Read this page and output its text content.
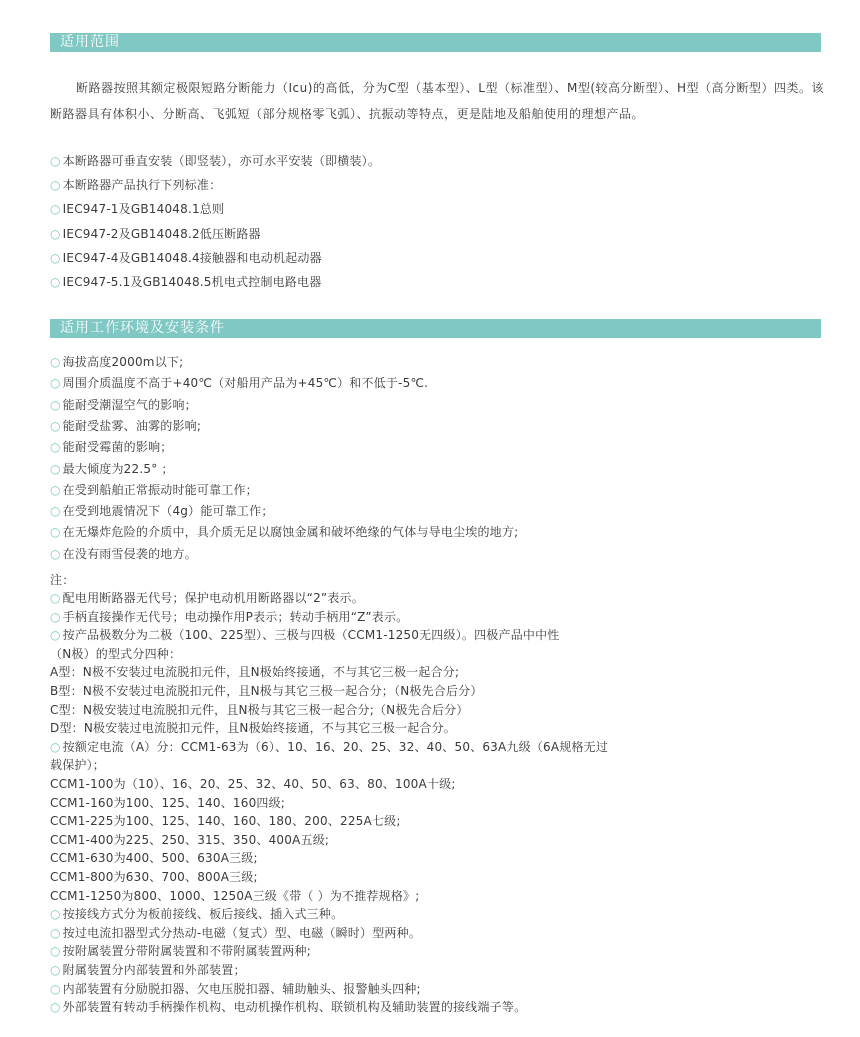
适用范围
断路器按照其额定极限短路分断能力（Icu)的高低，分为C型（基本型）、L型（标准型）、M型(较高分断型）、H型（高分断型）四类。该断路器具有体积小、分断高、飞弧短（部分规格零飞弧）、抗振动等特点，更是陆地及船舶使用的理想产品。
○ 本断路器可垂直安装（即竖装），亦可水平安装（即横装）。
○ 本断路器产品执行下列标准：
○ IEC947-1及GB14048.1总则
○ IEC947-2及GB14048.2低压断路器
○ IEC947-4及GB14048.4接触器和电动机起动器
○ IEC947-5.1及GB14048.5机电式控制电路电器
适用工作环境及安装条件
○ 海拔高度2000m以下;
○ 周围介质温度不高于+40℃（对船用产品为+45℃）和不低于-5℃.
○ 能耐受潮湿空气的影响；
○ 能耐受盐雾、油雾的影响;
○ 能耐受霉菌的影响；
○ 最大倾度为22.5° ；
○ 在受到船舶正常振动时能可靠工作；
○ 在受到地震情况下（4g）能可靠工作；
○ 在无爆炸危险的介质中，具介质无足以腐蚀金属和破坏绝缘的气体与导电尘埃的地方;
○ 在没有雨雪侵袭的地方。
注：
○ 配电用断路器无代号；保护电动机用断路器以“2”表示。
○ 手柄直接操作无代号；电动操作用P表示；转动手柄用“Z”表示。
○ 按产品极数分为二极（100、225型）、三极与四极（CCM1-1250无四级）。四极产品中中性
（N极）的型式分四种：
A型：N极不安装过电流脱扣元件，且N极始终接通，不与其它三极一起合分;
B型：N极不安装过电流脱扣元件，且N极与其它三极一起合分；（N极先合后分）
C型：N极安装过电流脱扣元件，且N极与其它三极一起合分;（N极先合后分）
D型：N极安装过电流脱扣元件，且N极始终接通，不与其它三极一起合分。
○ 按额定电流（A）分：CCM1-63为（6）、10、16、20、25、32、40、50、63A九级（6A规格无过
载保护）；
CCM1-100为（10）、16、20、25、32、40、50、63、80、100A十级;
CCM1-160为100、125、140、160四级;
CCM1-225为100、125、140、160、180、200、225A七级;
CCM1-400为225、250、315、350、400A五级;
CCM1-630为400、500、630A三级;
CCM1-800为630、700、800A三级;
CCM1-1250为800、1000、1250A三级《带（ ）为不推荐规格》;
○ 按接线方式分为板前接线、板后接线、插入式三种。
○ 按过电流扣器型式分热动-电磁（复式）型、电磁（瞬时）型两种。
○ 按附属装置分带附属装置和不带附属装置两种;
○ 附属装置分内部装置和外部装置；
○ 内部装置有分励脱扣器、欠电压脱扣器、辅助触头、报警触头四种;
○ 外部装置有转动手柄操作机构、电动机操作机构、联锁机构及辅助装置的接线端子等。
